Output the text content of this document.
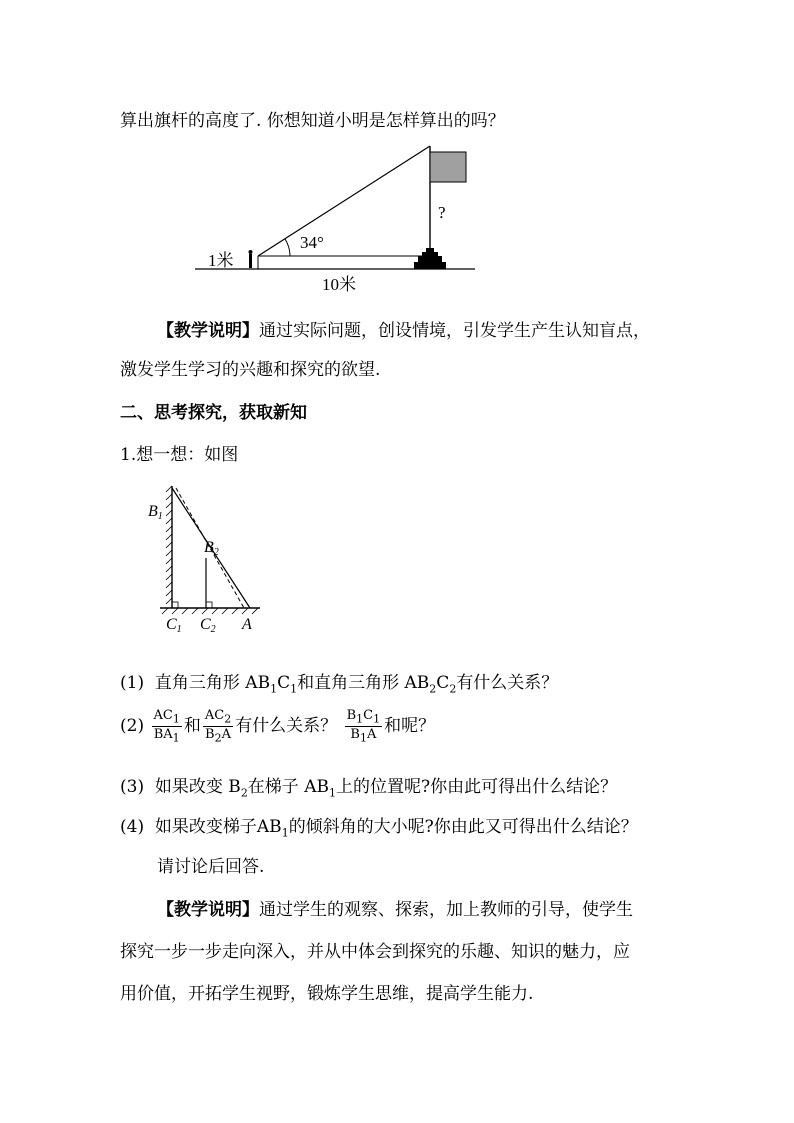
算出旗杆的高度了. 你想知道小明是怎样算出的吗？
34°
1米
?
10米
【教学说明】通过实际问题，创设情境，引发学生产生认知盲点，
激发学生学习的兴趣和探究的欲望.
二、思考探究，获取新知
1.想一想：如图
B1
B2
C1 C2 A
(1) 直角三角形 $AB_1C_1$和直角三角形 $AB_2C_2$有什么关系？
$(2) \frac{AC_1}{BA_1}$ 和 $\frac{AC_2}{B_2A}$ 有什么关系？ $\frac{B_1C_1}{B_1A}$ 和呢？
(3) 如果改变 $B_2$在梯子 $AB_1$上的位置呢?你由此可得出什么结论？
(4) 如果改变梯子$AB_1$的倾斜角的大小呢?你由此又可得出什么结论？
请讨论后回答.
【教学说明】通过学生的观察、探索，加上教师的引导，使学生
探究一步一步走向深入，并从中体会到探究的乐趣、知识的魅力，应
用价值，开拓学生视野，锻炼学生思维，提高学生能力.
